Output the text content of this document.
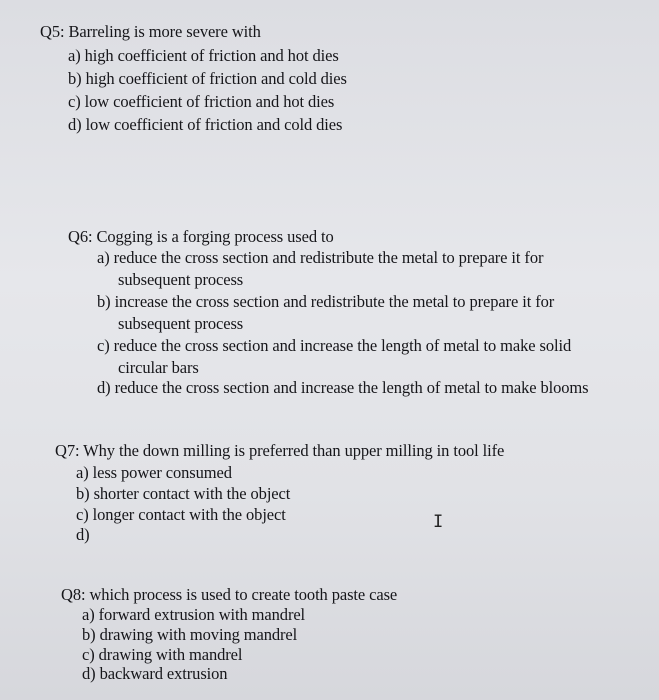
Q5: Barreling is more severe with
a) high coefficient of friction and hot dies
b) high coefficient of friction and cold dies
c) low coefficient of friction and hot dies
d) low coefficient of friction and cold dies
Q6: Cogging is a forging process used to
a) reduce the cross section and redistribute the metal to prepare it for
subsequent process
b) increase the cross section and redistribute the metal to prepare it for
subsequent process
c) reduce the cross section and increase the length of metal to make solid
circular bars
d) reduce the cross section and increase the length of metal to make blooms
Q7: Why the down milling is preferred than upper milling in tool life
a) less power consumed
b) shorter contact with the object
c) longer contact with the object
d)
I
Q8: which process is used to create tooth paste case
a) forward extrusion with mandrel
b) drawing with moving mandrel
c) drawing with mandrel
d) backward extrusion
